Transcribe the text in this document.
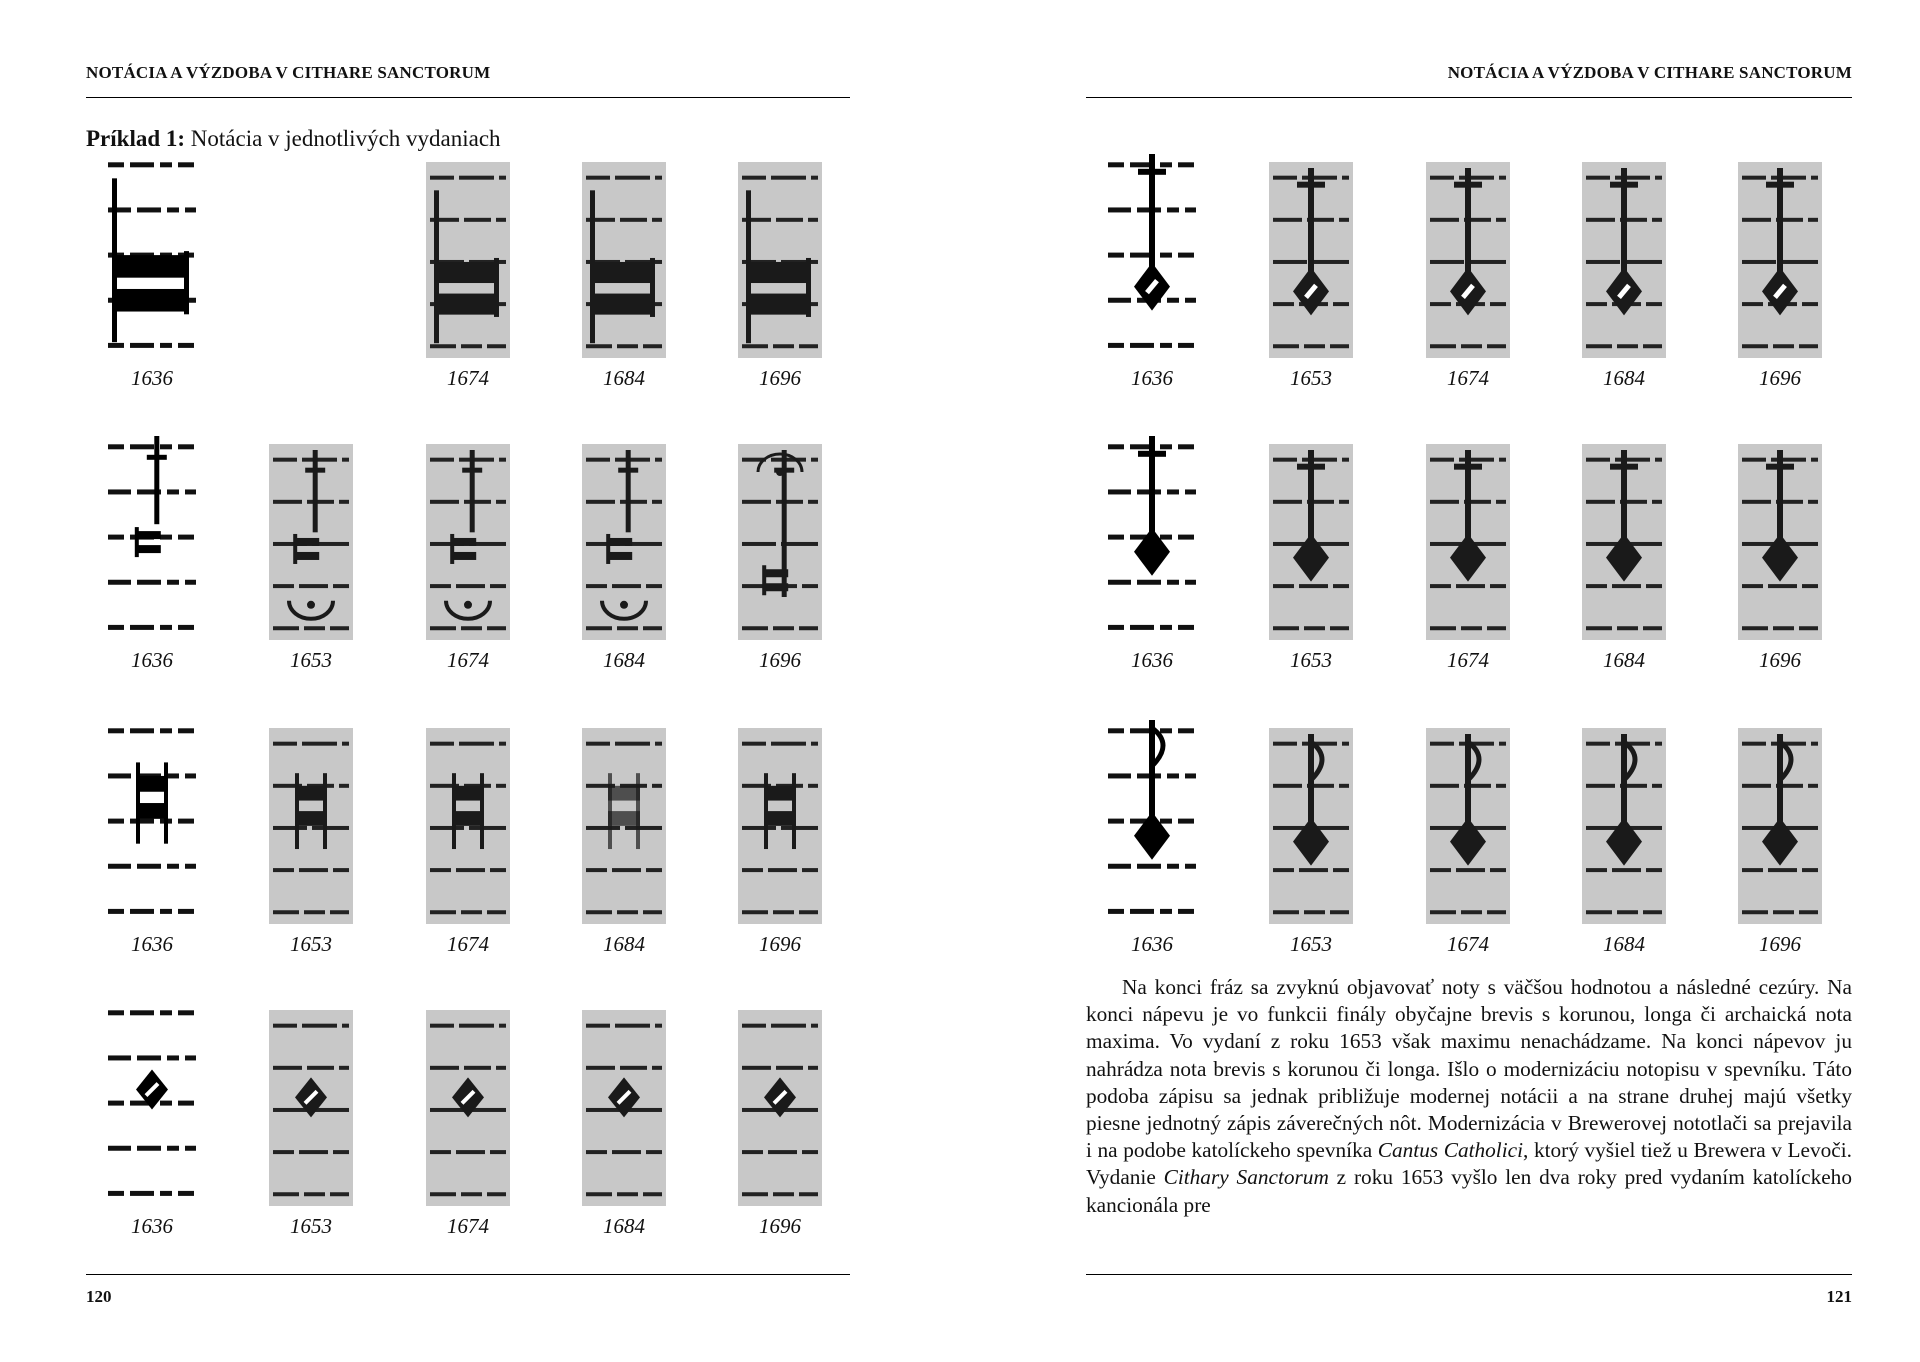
NOTÁCIA A VÝZDOBA V CITHARE SANCTORUM
Príklad 1: Notácia v jednotlivých vydaniach
1636	1674	1684	1696
1636	1653	1674	1684	1696
1636	1653	1674	1684	1696
1636	1653	1674	1684	1696
120
NOTÁCIA A VÝZDOBA V CITHARE SANCTORUM
1636	1653	1674	1684	1696
1636	1653	1674	1684	1696
1636	1653	1674	1684	1696

Na konci fráz sa zvyknú objavovať noty s väčšou hodnotou a následné cezúry. Na konci nápevu je vo funkcii finály obyčajne brevis s korunou, longa či archaická nota maxima. Vo vydaní z roku 1653 však maximu nenachádzame. Na konci nápevov ju nahrádza nota brevis s korunou či longa. Išlo o modernizáciu notopisu v spevníku. Táto podoba zápisu sa jednak približuje modernej notácii a na strane druhej majú všetky piesne jednotný zápis záverečných nôt. Modernizácia v Brewerovej nototlači sa prejavila i na podobe katolíckeho spevníka Cantus Catholici, ktorý vyšiel tiež u Brewera v Levoči. Vydanie Cithary Sanctorum z roku 1653 vyšlo len dva roky pred vydaním katolíckeho kancionála pre

121
